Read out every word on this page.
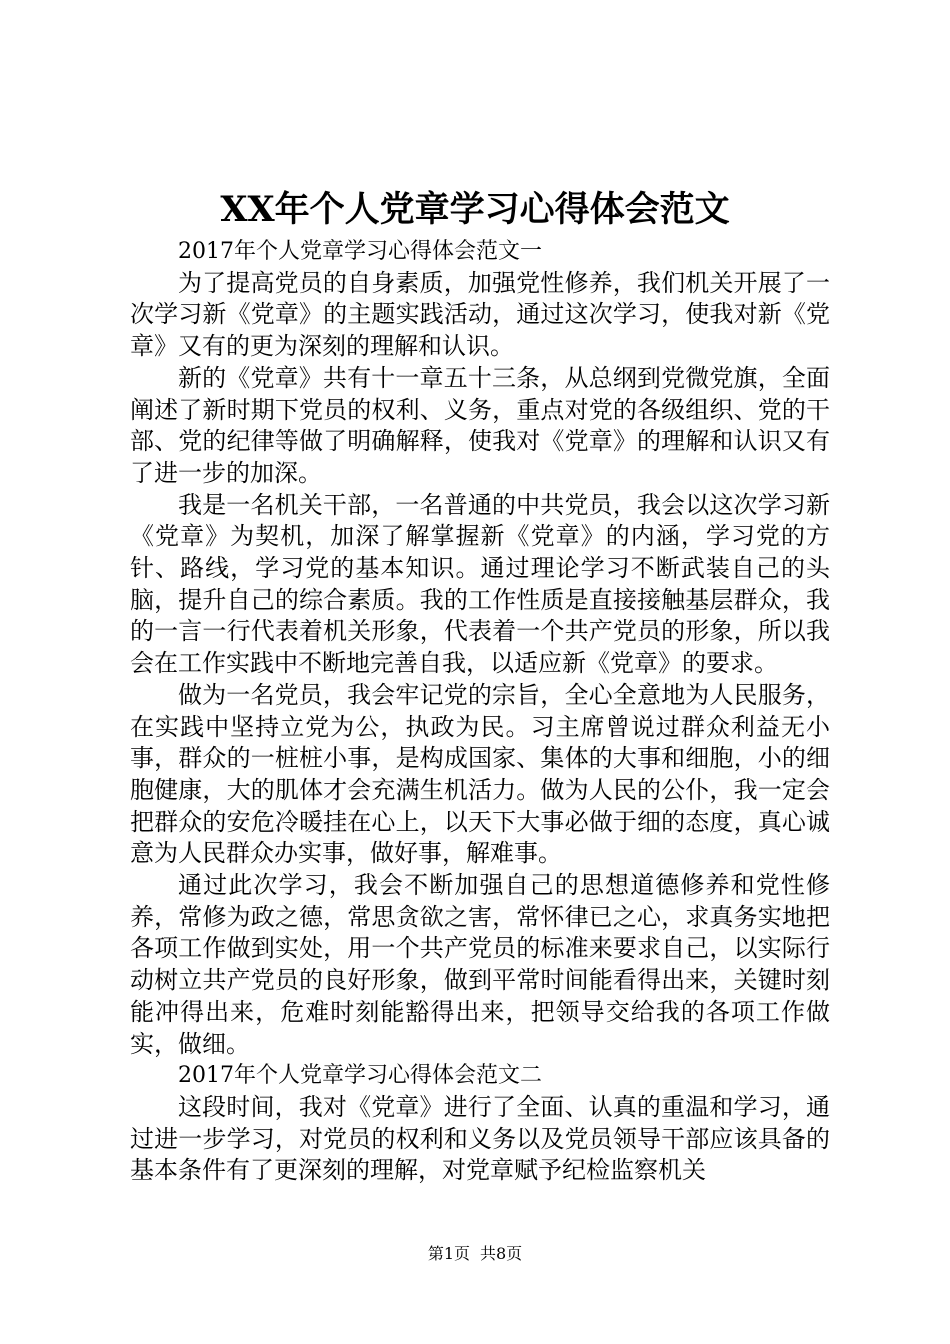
XX年个人党章学习心得体会范文

2017年个人党章学习心得体会范文一

为了提高党员的自身素质，加强党性修养，我们机关开展了一次学习新《党章》的主题实践活动，通过这次学习，使我对新《党章》又有的更为深刻的理解和认识。

新的《党章》共有十一章五十三条，从总纲到党微党旗，全面阐述了新时期下党员的权利、义务，重点对党的各级组织、党的干部、党的纪律等做了明确解释，使我对《党章》的理解和认识又有了进一步的加深。

我是一名机关干部，一名普通的中共党员，我会以这次学习新《党章》为契机，加深了解掌握新《党章》的内涵，学习党的方针、路线，学习党的基本知识。通过理论学习不断武装自己的头脑，提升自己的综合素质。我的工作性质是直接接触基层群众，我的一言一行代表着机关形象，代表着一个共产党员的形象，所以我会在工作实践中不断地完善自我，以适应新《党章》的要求。

做为一名党员，我会牢记党的宗旨，全心全意地为人民服务，在实践中坚持立党为公，执政为民。习主席曾说过群众利益无小事，群众的一桩桩小事，是构成国家、集体的大事和细胞，小的细胞健康，大的肌体才会充满生机活力。做为人民的公仆，我一定会把群众的安危冷暖挂在心上，以天下大事必做于细的态度，真心诚意为人民群众办实事，做好事，解难事。

通过此次学习，我会不断加强自己的思想道德修养和党性修养，常修为政之德，常思贪欲之害，常怀律已之心，求真务实地把各项工作做到实处，用一个共产党员的标准来要求自己，以实际行动树立共产党员的良好形象，做到平常时间能看得出来，关键时刻能冲得出来，危难时刻能豁得出来，把领导交给我的各项工作做实，做细。

2017年个人党章学习心得体会范文二

这段时间，我对《党章》进行了全面、认真的重温和学习，通过进一步学习，对党员的权利和义务以及党员领导干部应该具备的基本条件有了更深刻的理解，对党章赋予纪检监察机关

第1页 共8页
